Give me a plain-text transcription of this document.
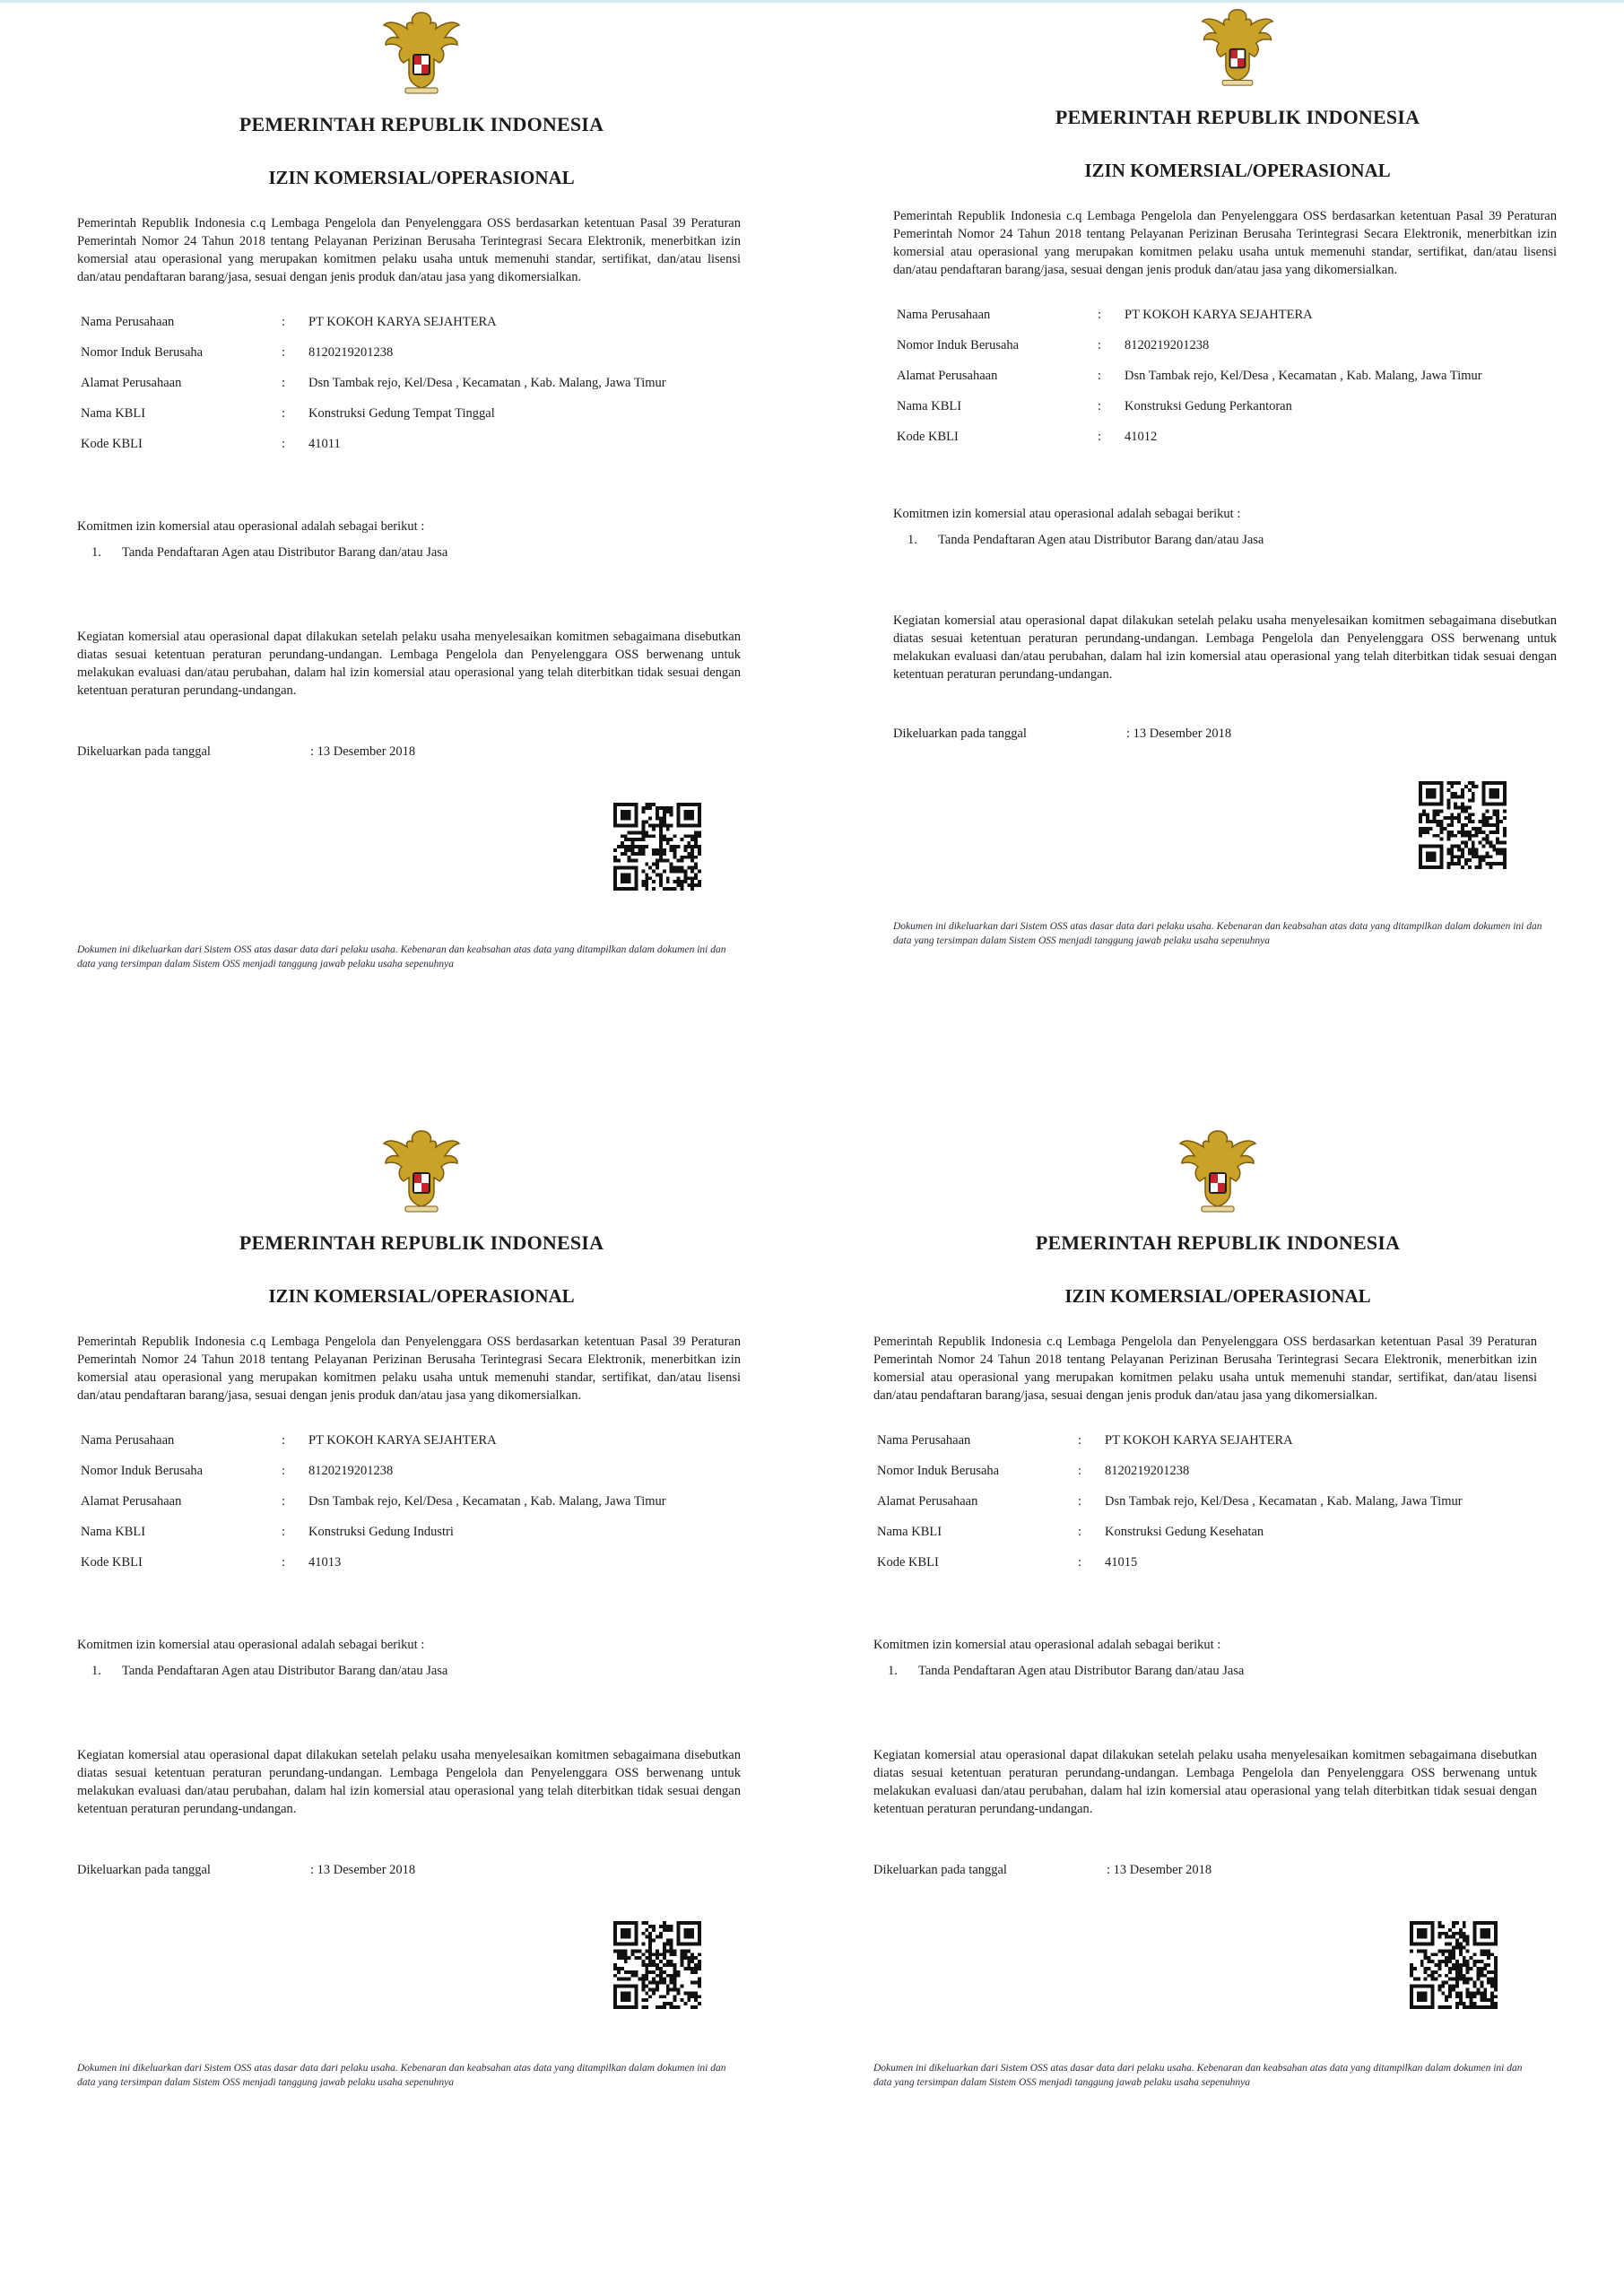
PEMERINTAH REPUBLIK INDONESIA

IZIN KOMERSIAL/OPERASIONAL

Pemerintah Republik Indonesia c.q Lembaga Pengelola dan Penyelenggara OSS berdasarkan ketentuan Pasal 39 Peraturan Pemerintah Nomor 24 Tahun 2018 tentang Pelayanan Perizinan Berusaha Terintegrasi Secara Elektronik, menerbitkan izin komersial atau operasional yang merupakan komitmen pelaku usaha untuk memenuhi standar, sertifikat, dan/atau lisensi dan/atau pendaftaran barang/jasa, sesuai dengan jenis produk dan/atau jasa yang dikomersialkan.

Nama Perusahaan	:	PT KOKOH KARYA SEJAHTERA
Nomor Induk Berusaha	:	8120219201238
Alamat Perusahaan	:	Dsn Tambak rejo, Kel/Desa , Kecamatan , Kab. Malang, Jawa Timur
Nama KBLI	:	Konstruksi Gedung Tempat Tinggal
Kode KBLI	:	41011

Komitmen izin komersial atau operasional adalah sebagai berikut :

1. Tanda Pendaftaran Agen atau Distributor Barang dan/atau Jasa

Kegiatan komersial atau operasional dapat dilakukan setelah pelaku usaha menyelesaikan komitmen sebagaimana disebutkan diatas sesuai ketentuan peraturan perundang-undangan. Lembaga Pengelola dan Penyelenggara OSS berwenang untuk melakukan evaluasi dan/atau perubahan, dalam hal izin komersial atau operasional yang telah diterbitkan tidak sesuai dengan ketentuan peraturan perundang-undangan.

Dikeluarkan pada tanggal	: 13 Desember 2018

Dokumen ini dikeluarkan dari Sistem OSS atas dasar data dari pelaku usaha. Kebenaran dan keabsahan atas data yang ditampilkan dalam dokumen ini dan data yang tersimpan dalam Sistem OSS menjadi tanggung jawab pelaku usaha sepenuhnya

PEMERINTAH REPUBLIK INDONESIA

IZIN KOMERSIAL/OPERASIONAL

Pemerintah Republik Indonesia c.q Lembaga Pengelola dan Penyelenggara OSS berdasarkan ketentuan Pasal 39 Peraturan Pemerintah Nomor 24 Tahun 2018 tentang Pelayanan Perizinan Berusaha Terintegrasi Secara Elektronik, menerbitkan izin komersial atau operasional yang merupakan komitmen pelaku usaha untuk memenuhi standar, sertifikat, dan/atau lisensi dan/atau pendaftaran barang/jasa, sesuai dengan jenis produk dan/atau jasa yang dikomersialkan.

Nama Perusahaan	:	PT KOKOH KARYA SEJAHTERA
Nomor Induk Berusaha	:	8120219201238
Alamat Perusahaan	:	Dsn Tambak rejo, Kel/Desa , Kecamatan , Kab. Malang, Jawa Timur
Nama KBLI	:	Konstruksi Gedung Perkantoran
Kode KBLI	:	41012

Komitmen izin komersial atau operasional adalah sebagai berikut :

1. Tanda Pendaftaran Agen atau Distributor Barang dan/atau Jasa

Kegiatan komersial atau operasional dapat dilakukan setelah pelaku usaha menyelesaikan komitmen sebagaimana disebutkan diatas sesuai ketentuan peraturan perundang-undangan. Lembaga Pengelola dan Penyelenggara OSS berwenang untuk melakukan evaluasi dan/atau perubahan, dalam hal izin komersial atau operasional yang telah diterbitkan tidak sesuai dengan ketentuan peraturan perundang-undangan.

Dikeluarkan pada tanggal	: 13 Desember 2018

Dokumen ini dikeluarkan dari Sistem OSS atas dasar data dari pelaku usaha. Kebenaran dan keabsahan atas data yang ditampilkan dalam dokumen ini dan data yang tersimpan dalam Sistem OSS menjadi tanggung jawab pelaku usaha sepenuhnya

PEMERINTAH REPUBLIK INDONESIA

IZIN KOMERSIAL/OPERASIONAL

Pemerintah Republik Indonesia c.q Lembaga Pengelola dan Penyelenggara OSS berdasarkan ketentuan Pasal 39 Peraturan Pemerintah Nomor 24 Tahun 2018 tentang Pelayanan Perizinan Berusaha Terintegrasi Secara Elektronik, menerbitkan izin komersial atau operasional yang merupakan komitmen pelaku usaha untuk memenuhi standar, sertifikat, dan/atau lisensi dan/atau pendaftaran barang/jasa, sesuai dengan jenis produk dan/atau jasa yang dikomersialkan.

Nama Perusahaan	:	PT KOKOH KARYA SEJAHTERA
Nomor Induk Berusaha	:	8120219201238
Alamat Perusahaan	:	Dsn Tambak rejo, Kel/Desa , Kecamatan , Kab. Malang, Jawa Timur
Nama KBLI	:	Konstruksi Gedung Industri
Kode KBLI	:	41013

Komitmen izin komersial atau operasional adalah sebagai berikut :

1. Tanda Pendaftaran Agen atau Distributor Barang dan/atau Jasa

Kegiatan komersial atau operasional dapat dilakukan setelah pelaku usaha menyelesaikan komitmen sebagaimana disebutkan diatas sesuai ketentuan peraturan perundang-undangan. Lembaga Pengelola dan Penyelenggara OSS berwenang untuk melakukan evaluasi dan/atau perubahan, dalam hal izin komersial atau operasional yang telah diterbitkan tidak sesuai dengan ketentuan peraturan perundang-undangan.

Dikeluarkan pada tanggal	: 13 Desember 2018

Dokumen ini dikeluarkan dari Sistem OSS atas dasar data dari pelaku usaha. Kebenaran dan keabsahan atas data yang ditampilkan dalam dokumen ini dan data yang tersimpan dalam Sistem OSS menjadi tanggung jawab pelaku usaha sepenuhnya

PEMERINTAH REPUBLIK INDONESIA

IZIN KOMERSIAL/OPERASIONAL

Pemerintah Republik Indonesia c.q Lembaga Pengelola dan Penyelenggara OSS berdasarkan ketentuan Pasal 39 Peraturan Pemerintah Nomor 24 Tahun 2018 tentang Pelayanan Perizinan Berusaha Terintegrasi Secara Elektronik, menerbitkan izin komersial atau operasional yang merupakan komitmen pelaku usaha untuk memenuhi standar, sertifikat, dan/atau lisensi dan/atau pendaftaran barang/jasa, sesuai dengan jenis produk dan/atau jasa yang dikomersialkan.

Nama Perusahaan	:	PT KOKOH KARYA SEJAHTERA
Nomor Induk Berusaha	:	8120219201238
Alamat Perusahaan	:	Dsn Tambak rejo, Kel/Desa , Kecamatan , Kab. Malang, Jawa Timur
Nama KBLI	:	Konstruksi Gedung Kesehatan
Kode KBLI	:	41015

Komitmen izin komersial atau operasional adalah sebagai berikut :

1. Tanda Pendaftaran Agen atau Distributor Barang dan/atau Jasa

Kegiatan komersial atau operasional dapat dilakukan setelah pelaku usaha menyelesaikan komitmen sebagaimana disebutkan diatas sesuai ketentuan peraturan perundang-undangan. Lembaga Pengelola dan Penyelenggara OSS berwenang untuk melakukan evaluasi dan/atau perubahan, dalam hal izin komersial atau operasional yang telah diterbitkan tidak sesuai dengan ketentuan peraturan perundang-undangan.

Dikeluarkan pada tanggal	: 13 Desember 2018

Dokumen ini dikeluarkan dari Sistem OSS atas dasar data dari pelaku usaha. Kebenaran dan keabsahan atas data yang ditampilkan dalam dokumen ini dan data yang tersimpan dalam Sistem OSS menjadi tanggung jawab pelaku usaha sepenuhnya
